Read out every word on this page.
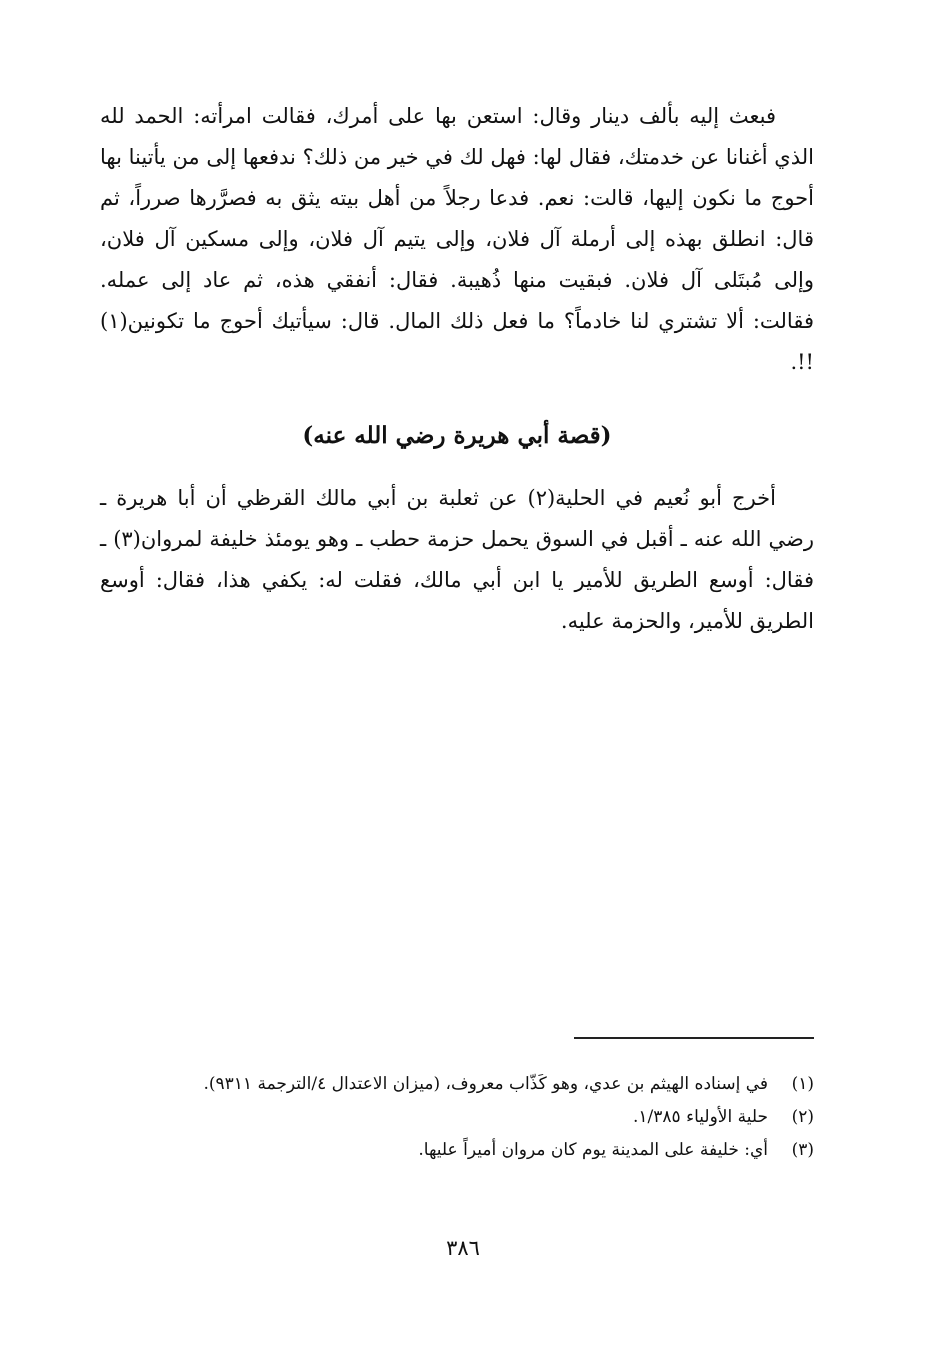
فبعث إليه بألف دينار وقال: استعن بها على أمرك، فقالت امرأته: الحمد لله الذي أغنانا عن خدمتك، فقال لها: فهل لك في خير من ذلك؟ ندفعها إلى من يأتينا بها أحوج ما نكون إليها، قالت: نعم. فدعا رجلاً من أهل بيته يثق به فصرَّرها صرراً، ثم قال: انطلق بهذه إلى أرملة آل فلان، وإلى يتيم آل فلان، وإلى مسكين آل فلان، وإلى مُبتَلى آل فلان. فبقيت منها ذُهيبة. فقال: أنفقي هذه، ثم عاد إلى عمله. فقالت: ألا تشتري لنا خادماً؟ ما فعل ذلك المال. قال: سيأتيك أحوج ما تكونين(١) !!.
(قصة أبي هريرة رضي الله عنه)
أخرج أبو نُعيم في الحلية(٢) عن ثعلبة بن أبي مالك القرظي أن أبا هريرة ـ رضي الله عنه ـ أقبل في السوق يحمل حزمة حطب ـ وهو يومئذ خليفة لمروان(٣) ـ فقال: أوسع الطريق للأمير يا ابن أبي مالك، فقلت له: يكفي هذا، فقال: أوسع الطريق للأمير، والحزمة عليه.
(١)
في إسناده الهيثم بن عدي، وهو كَذّاب معروف، (ميزان الاعتدال ٤/الترجمة ٩٣١١).
(٢)
حلية الأولياء ١/٣٨٥.
(٣)
أي: خليفة على المدينة يوم كان مروان أميراً عليها.
٣٨٦
